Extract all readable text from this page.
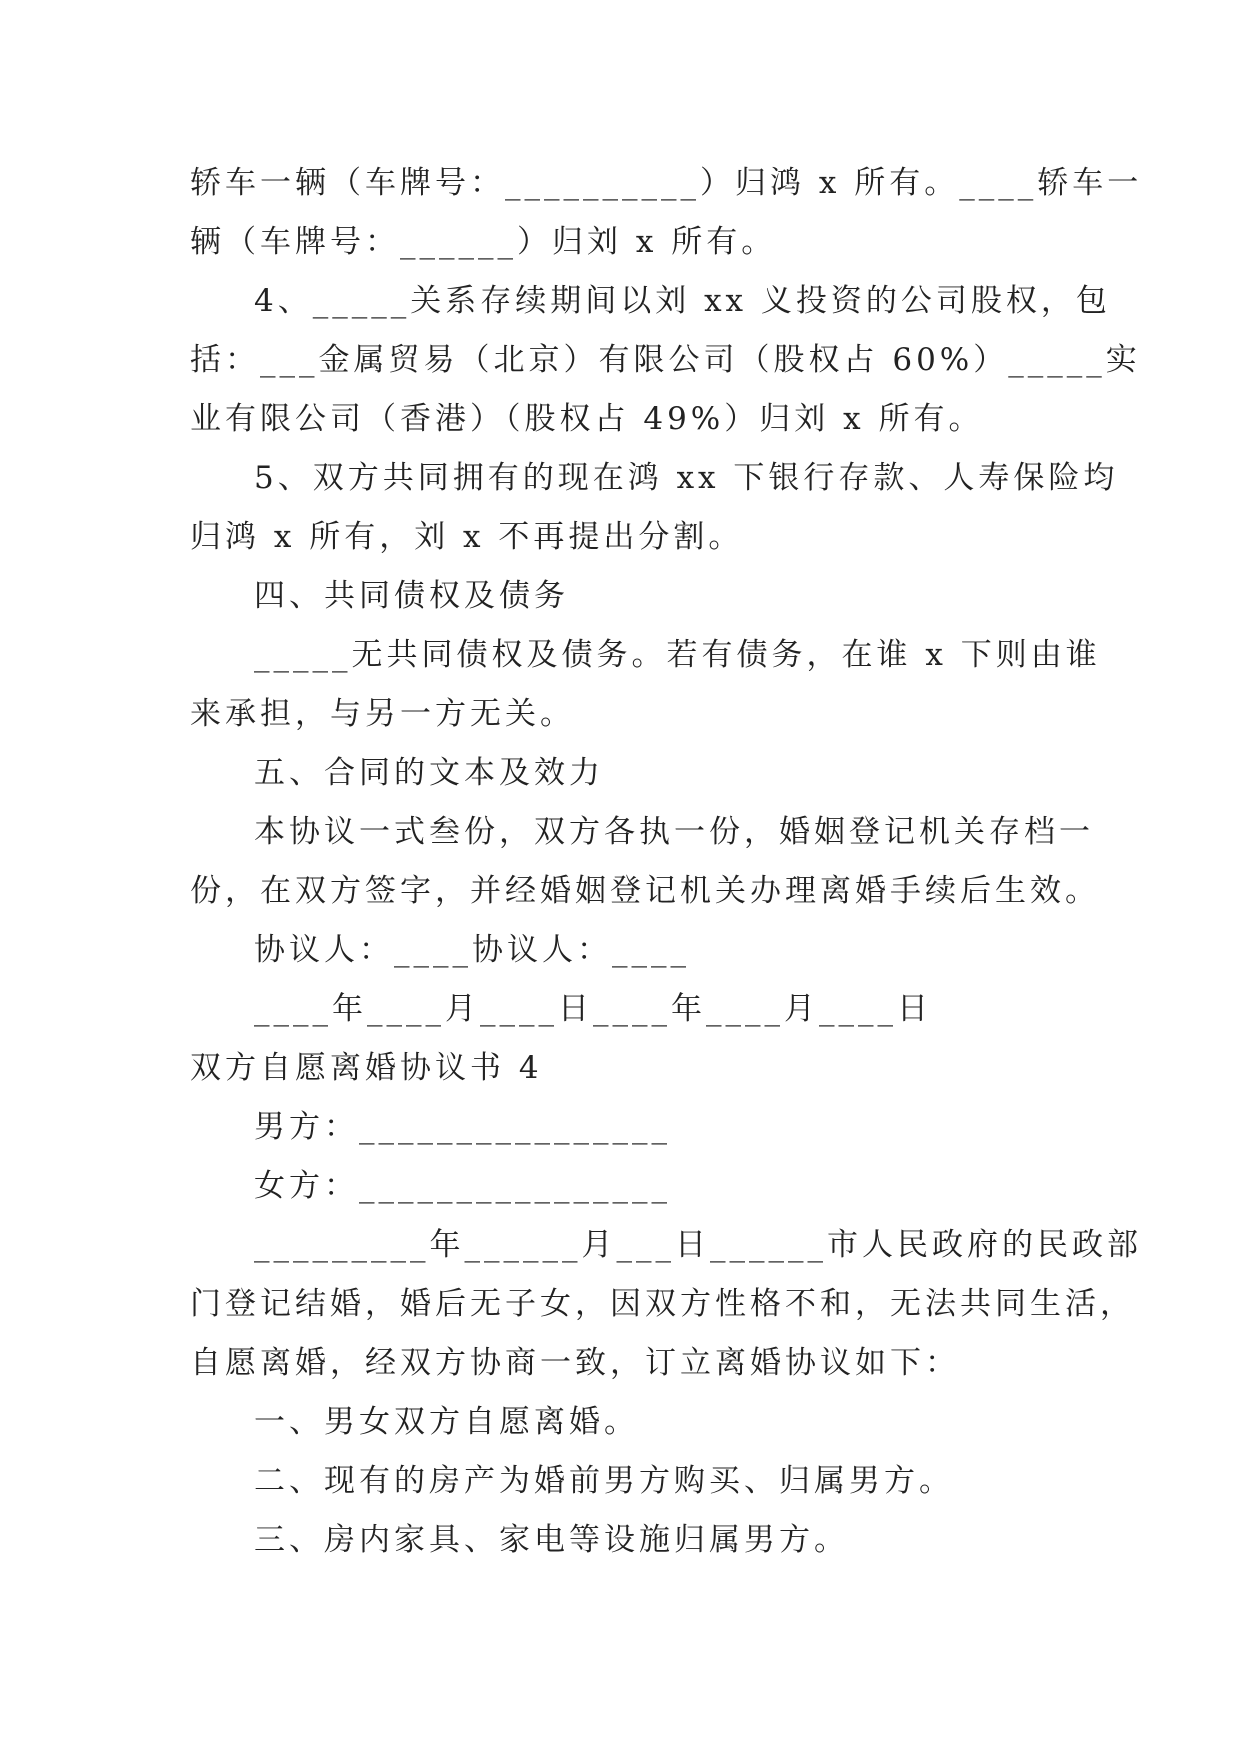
轿车一辆（车牌号：__________）归鸿 x 所有。____轿车一
辆（车牌号：______）归刘 x 所有。
4、_____关系存续期间以刘 xx 义投资的公司股权，包
括：___金属贸易（北京）有限公司（股权占 60%）_____实
业有限公司（香港）（股权占 49%）归刘 x 所有。
5、双方共同拥有的现在鸿 xx 下银行存款、人寿保险均
归鸿 x 所有，刘 x 不再提出分割。
四、共同债权及债务
_____无共同债权及债务。若有债务，在谁 x 下则由谁
来承担，与另一方无关。
五、合同的文本及效力
本协议一式叁份，双方各执一份，婚姻登记机关存档一
份，在双方签字，并经婚姻登记机关办理离婚手续后生效。
协议人：____协议人：____
____年____月____日____年____月____日
双方自愿离婚协议书 4
男方：________________
女方：________________
_________年______月___日______市人民政府的民政部
门登记结婚，婚后无子女，因双方性格不和，无法共同生活，
自愿离婚，经双方协商一致，订立离婚协议如下：
一、男女双方自愿离婚。
二、现有的房产为婚前男方购买、归属男方。
三、房内家具、家电等设施归属男方。
